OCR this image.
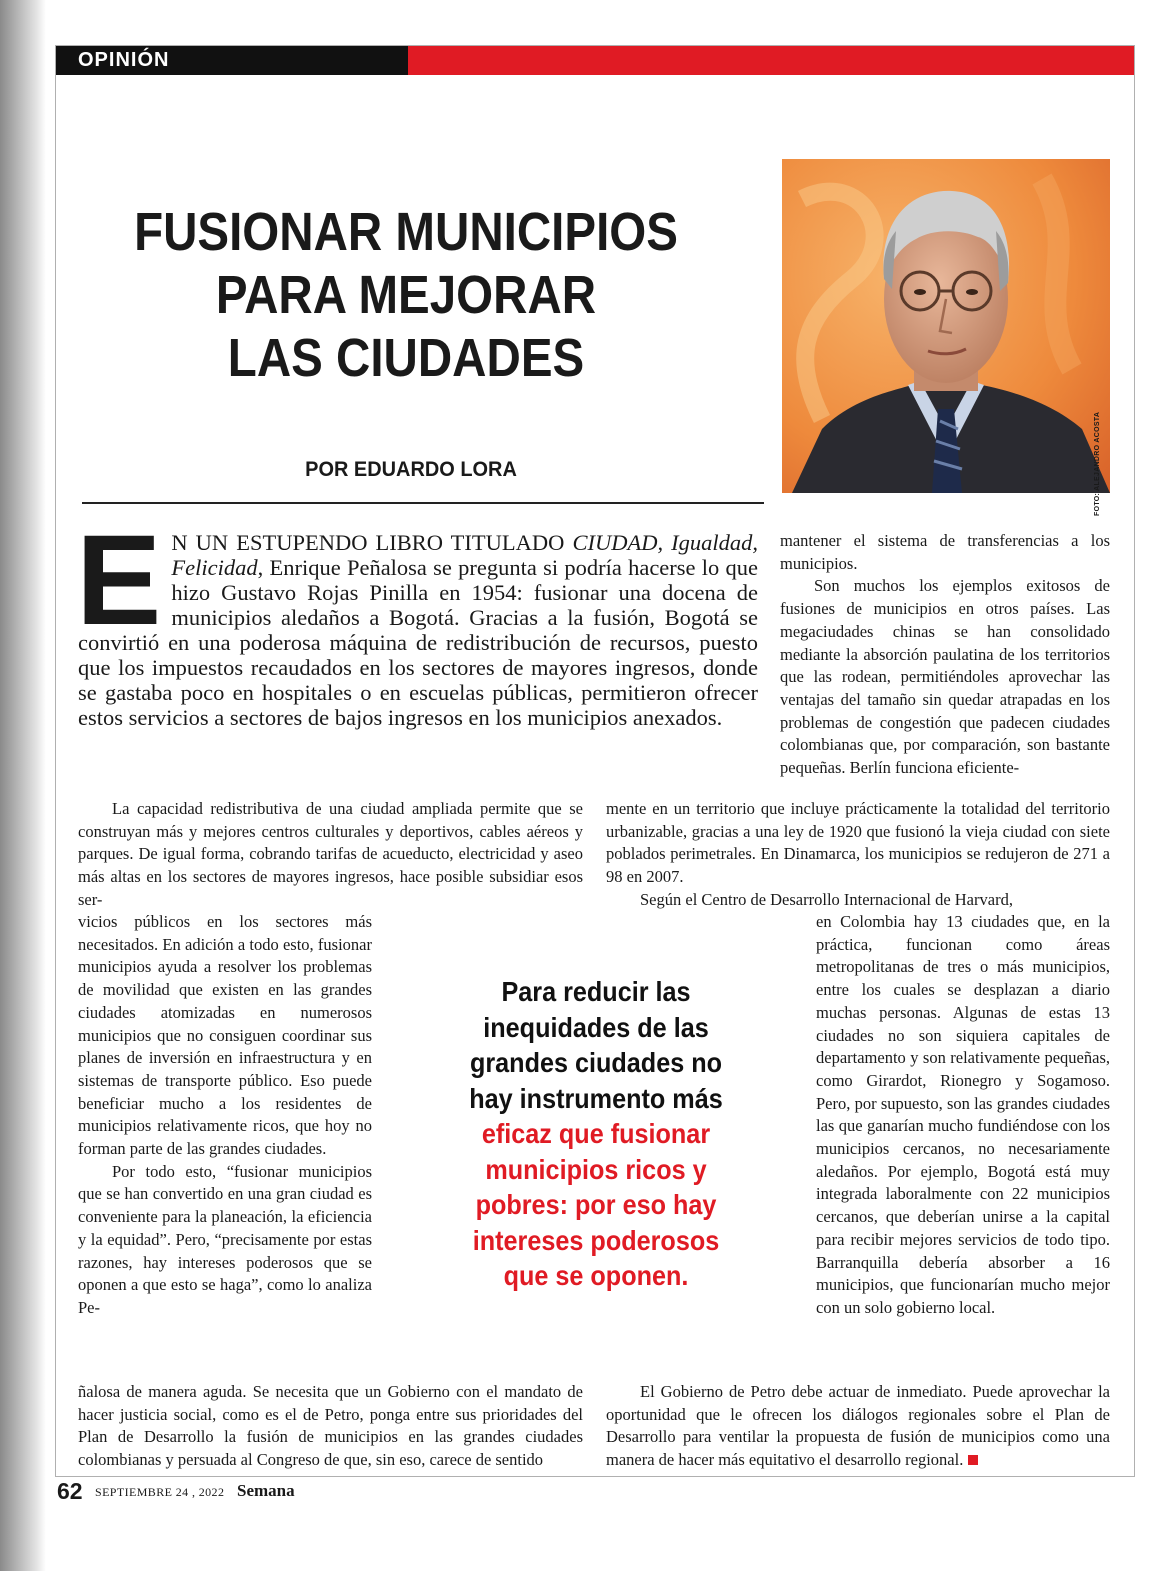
OPINIÓN
FUSIONAR MUNICIPIOS
PARA MEJORAR
LAS CIUDADES
POR EDUARDO LORA	FOTO: ALEJANDRO ACOSTA

E N UN ESTUPENDO LIBRO TITULADO CIUDAD, Igualdad, Felicidad, Enrique Peñalosa se pregunta si podría hacerse lo que hizo Gustavo Rojas Pinilla en 1954: fusionar una docena de municipios aledaños a Bogotá. Gracias a la fusión, Bogotá se convirtió en una poderosa máquina de redistribución de recursos, puesto que los impuestos recaudados en los sectores de mayores ingresos, donde se gastaba poco en hospitales o en escuelas públicas, permitieron ofrecer estos servicios a sectores de bajos ingresos en los municipios anexados.

mantener el sistema de transferencias a los municipios.

Son muchos los ejemplos exitosos de fusiones de municipios en otros países. Las megaciudades chinas se han consolidado mediante la absorción paulatina de los territorios que las rodean, permitiéndoles aprovechar las ventajas del tamaño sin quedar atrapadas en los problemas de congestión que padecen ciudades colombianas que, por comparación, son bastante pequeñas. Berlín funciona eficiente-

La capacidad redistributiva de una ciudad ampliada permite que se construyan más y mejores centros culturales y deportivos, cables aéreos y parques. De igual forma, cobrando tarifas de acueducto, electricidad y aseo más altas en los sectores de mayores ingresos, hace posible subsidiar esos ser-

vicios públicos en los sectores más necesitados. En adición a todo esto, fusionar municipios ayuda a resolver los problemas de movilidad que existen en las grandes ciudades atomizadas en numerosos municipios que no consiguen coordinar sus planes de inversión en infraestructura y en sistemas de transporte público. Eso puede beneficiar mucho a los residentes de municipios relativamente ricos, que hoy no forman parte de las grandes ciudades.

Por todo esto, “fusionar municipios que se han convertido en una gran ciudad es conveniente para la planeación, la eficiencia y la equidad”. Pero, “precisamente por estas razones, hay intereses poderosos que se oponen a que esto se haga”, como lo analiza Pe-

ñalosa de manera aguda. Se necesita que un Gobierno con el mandato de hacer justicia social, como es el de Petro, ponga entre sus prioridades del Plan de Desarrollo la fusión de municipios en las grandes ciudades colombianas y persuada al Congreso de que, sin eso, carece de sentido

mente en un territorio que incluye prácticamente la totalidad del territorio urbanizable, gracias a una ley de 1920 que fusionó la vieja ciudad con siete poblados perimetrales. En Dinamarca, los municipios se redujeron de 271 a 98 en 2007.

Según el Centro de Desarrollo Internacional de Harvard,

en Colombia hay 13 ciudades que, en la práctica, funcionan como áreas metropolitanas de tres o más municipios, entre los cuales se desplazan a diario muchas personas. Algunas de estas 13 ciudades no son siquiera capitales de departamento y son relativamente pequeñas, como Girardot, Rionegro y Sogamoso. Pero, por supuesto, son las grandes ciudades las que ganarían mucho fundiéndose con los municipios cercanos, no necesariamente aledaños. Por ejemplo, Bogotá está muy integrada laboralmente con 22 municipios cercanos, que deberían unirse a la capital para recibir mejores servicios de todo tipo. Barranquilla debería absorber a 16 municipios, que funcionarían mucho mejor con un solo gobierno local.

El Gobierno de Petro debe actuar de inmediato. Puede aprovechar la oportunidad que le ofrecen los diálogos regionales sobre el Plan de Desarrollo para ventilar la propuesta de fusión de municipios como una manera de hacer más equitativo el desarrollo regional.

Para reducir las inequidades de las grandes ciudades no hay instrumento más eficaz que fusionar municipios ricos y pobres: por eso hay intereses poderosos que se oponen.
62 SEPTIEMBRE 24 , 2022 Semana
